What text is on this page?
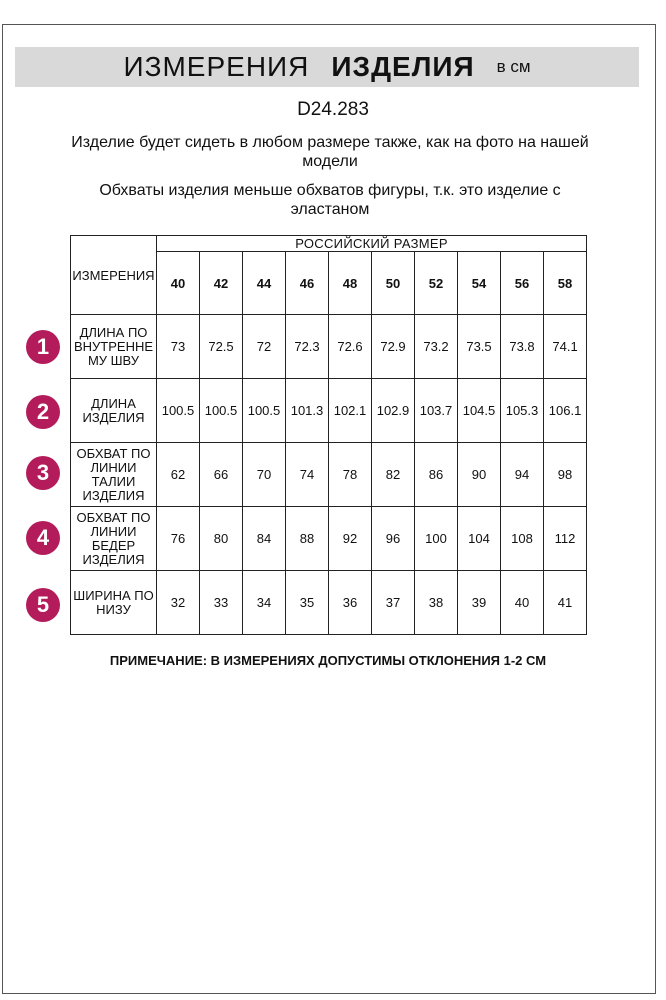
ИЗМЕРЕНИЯ ИЗДЕЛИЯ в см
D24.283
Изделие будет сидеть в любом размере также, как на фото на нашей модели
Обхваты изделия меньше обхватов фигуры, т.к. это изделие с эластаном
ИЗМЕРЕНИЯ	РОССИЙСКИЙ РАЗМЕР									
	40	42	44	46	48	50	52	54	56	58
ДЛИНА ПО ВНУТРЕННЕ МУ ШВУ	73	72.5	72	72.3	72.6	72.9	73.2	73.5	73.8	74.1
ДЛИНА ИЗДЕЛИЯ	100.5	100.5	100.5	101.3	102.1	102.9	103.7	104.5	105.3	106.1
ОБХВАТ ПО ЛИНИИ ТАЛИИ ИЗДЕЛИЯ	62	66	70	74	78	82	86	90	94	98
ОБХВАТ ПО ЛИНИИ БЕДЕР ИЗДЕЛИЯ	76	80	84	88	92	96	100	104	108	112
ШИРИНА ПО НИЗУ	32	33	34	35	36	37	38	39	40	41
1
2
3
4
5
ПРИМЕЧАНИЕ: В ИЗМЕРЕНИЯХ ДОПУСТИМЫ ОТКЛОНЕНИЯ 1-2 СМ
